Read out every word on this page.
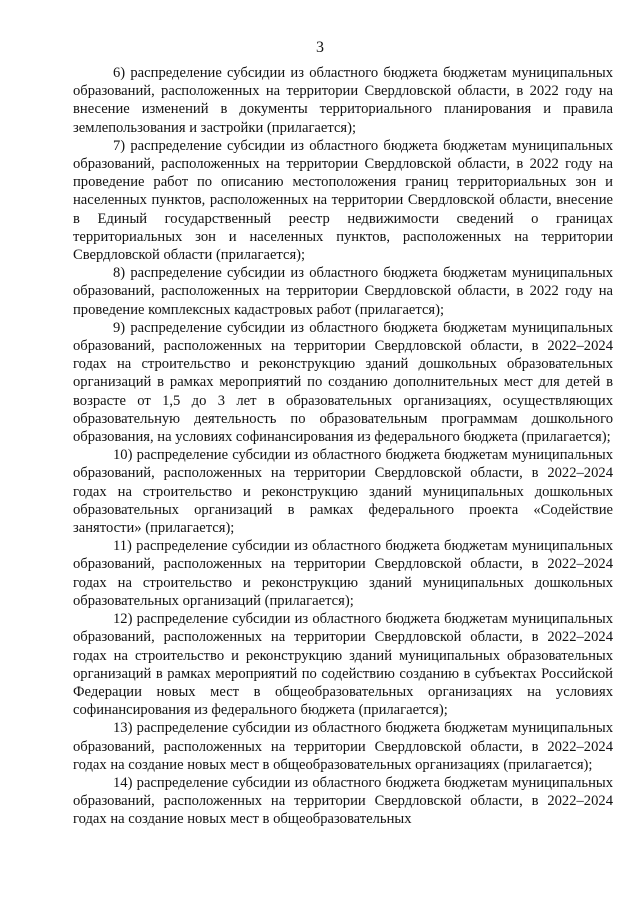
3

6) распределение субсидии из областного бюджета бюджетам муниципальных образований, расположенных на территории Свердловской области, в 2022 году на внесение изменений в документы территориального планирования и правила землепользования и застройки (прилагается);

7) распределение субсидии из областного бюджета бюджетам муниципальных образований, расположенных на территории Свердловской области, в 2022 году на проведение работ по описанию местоположения границ территориальных зон и населенных пунктов, расположенных на территории Свердловской области, внесение в Единый государственный реестр недвижимости сведений о границах территориальных зон и населенных пунктов, расположенных на территории Свердловской области (прилагается);

8) распределение субсидии из областного бюджета бюджетам муниципальных образований, расположенных на территории Свердловской области, в 2022 году на проведение комплексных кадастровых работ (прилагается);

9) распределение субсидии из областного бюджета бюджетам муниципальных образований, расположенных на территории Свердловской области, в 2022–2024 годах на строительство и реконструкцию зданий дошкольных образовательных организаций в рамках мероприятий по созданию дополнительных мест для детей в возрасте от 1,5 до 3 лет в образовательных организациях, осуществляющих образовательную деятельность по образовательным программам дошкольного образования, на условиях софинансирования из федерального бюджета (прилагается);

10) распределение субсидии из областного бюджета бюджетам муниципальных образований, расположенных на территории Свердловской области, в 2022–2024 годах на строительство и реконструкцию зданий муниципальных дошкольных образовательных организаций в рамках федерального проекта «Содействие занятости» (прилагается);

11) распределение субсидии из областного бюджета бюджетам муниципальных образований, расположенных на территории Свердловской области, в 2022–2024 годах на строительство и реконструкцию зданий муниципальных дошкольных образовательных организаций (прилагается);

12) распределение субсидии из областного бюджета бюджетам муниципальных образований, расположенных на территории Свердловской области, в 2022–2024 годах на строительство и реконструкцию зданий муниципальных образовательных организаций в рамках мероприятий по содействию созданию в субъектах Российской Федерации новых мест в общеобразовательных организациях на условиях софинансирования из федерального бюджета (прилагается);

13) распределение субсидии из областного бюджета бюджетам муниципальных образований, расположенных на территории Свердловской области, в 2022–2024 годах на создание новых мест в общеобразовательных организациях (прилагается);

14) распределение субсидии из областного бюджета бюджетам муниципальных образований, расположенных на территории Свердловской области, в 2022–2024 годах на создание новых мест в общеобразовательных
